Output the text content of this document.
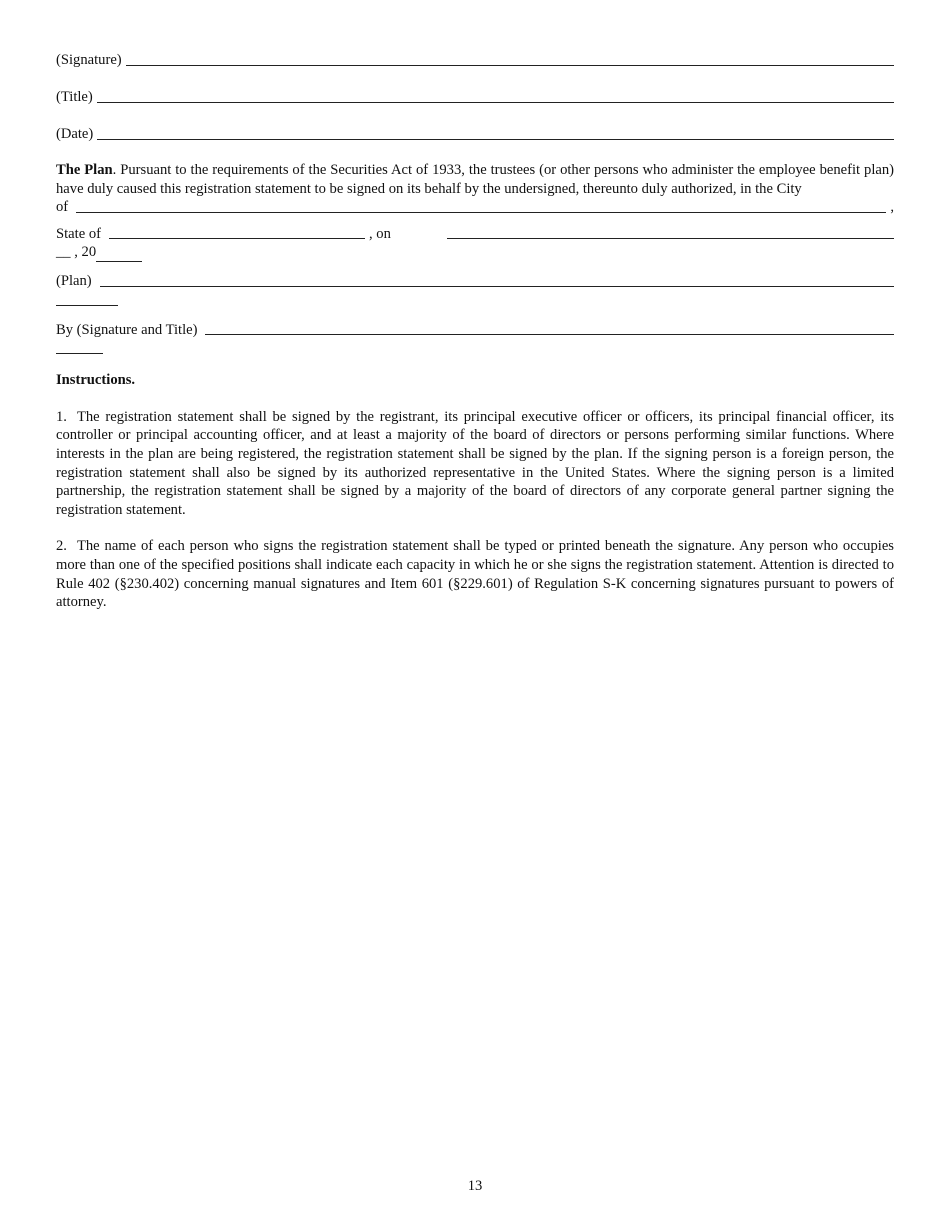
(Signature)
(Title)
(Date)
The Plan. Pursuant to the requirements of the Securities Act of 1933, the trustees (or other persons who administer the employee benefit plan) have duly caused this registration statement to be signed on its behalf by the undersigned, thereunto duly authorized, in the City
of	,
State of	, on
__ , 20
(Plan)
By (Signature and Title)
Instructions.
1. The registration statement shall be signed by the registrant, its principal executive officer or officers, its principal financial officer, its controller or principal accounting officer, and at least a majority of the board of directors or persons performing similar functions. Where interests in the plan are being registered, the registration statement shall be signed by the plan. If the signing person is a foreign person, the registration statement shall also be signed by its authorized representative in the United States. Where the signing person is a limited partnership, the registration statement shall be signed by a majority of the board of directors of any corporate general partner signing the registration statement.
2. The name of each person who signs the registration statement shall be typed or printed beneath the signature. Any person who occupies more than one of the specified positions shall indicate each capacity in which he or she signs the registration statement. Attention is directed to Rule 402 (§230.402) concerning manual signatures and Item 601 (§229.601) of Regulation S-K concerning signatures pursuant to powers of attorney.
13
